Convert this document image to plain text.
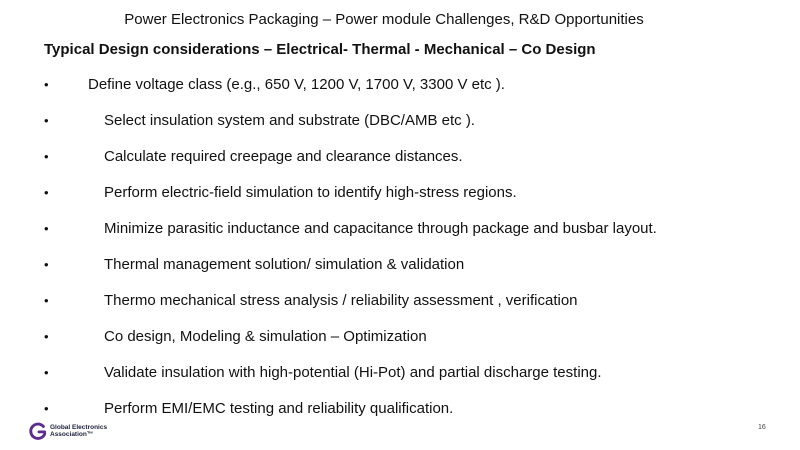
Power Electronics Packaging – Power module Challenges, R&D Opportunities
Typical Design considerations – Electrical- Thermal - Mechanical – Co Design
•	Define voltage class (e.g., 650 V, 1200 V, 1700 V, 3300 V etc ).
•	Select insulation system and substrate (DBC/AMB etc ).
•	Calculate required creepage and clearance distances.
•	Perform electric-field simulation to identify high-stress regions.
•	Minimize parasitic inductance and capacitance through package and busbar layout.
•	Thermal management solution/ simulation & validation
•	Thermo mechanical stress analysis / reliability assessment , verification
•	Co design, Modeling & simulation – Optimization
•	Validate insulation with high-potential (Hi-Pot) and partial discharge testing.
•	Perform EMI/EMC testing and reliability qualification.
Global Electronics
Association™
16
